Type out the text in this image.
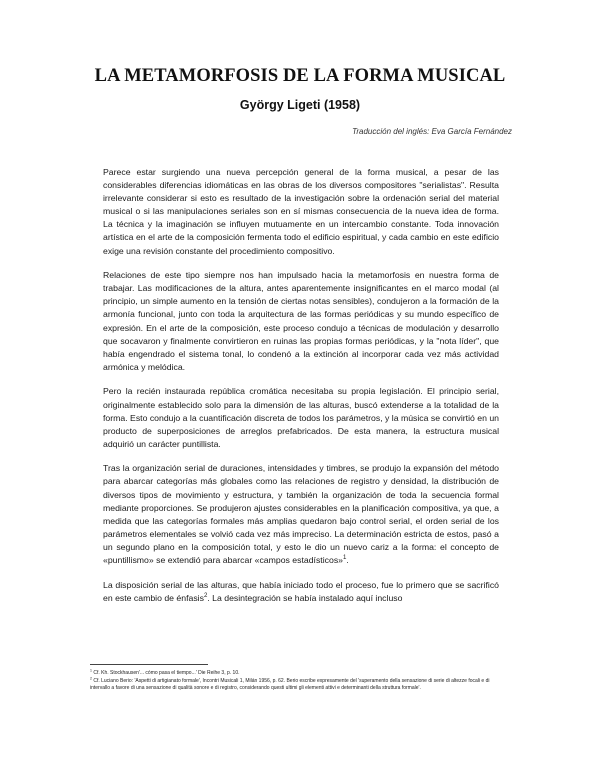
LA METAMORFOSIS DE LA FORMA MUSICAL
György Ligeti (1958)
Traducción del inglés: Eva García Fernández

Parece estar surgiendo una nueva percepción general de la forma musical, a pesar de las considerables diferencias idiomáticas en las obras de los diversos compositores "serialistas". Resulta irrelevante considerar si esto es resultado de la investigación sobre la ordenación serial del material musical o si las manipulaciones seriales son en sí mismas consecuencia de la nueva idea de forma. La técnica y la imaginación se influyen mutuamente en un intercambio constante. Toda innovación artística en el arte de la composición fermenta todo el edificio espiritual, y cada cambio en este edificio exige una revisión constante del procedimiento compositivo.

Relaciones de este tipo siempre nos han impulsado hacia la metamorfosis en nuestra forma de trabajar. Las modificaciones de la altura, antes aparentemente insignificantes en el marco modal (al principio, un simple aumento en la tensión de ciertas notas sensibles), condujeron a la formación de la armonía funcional, junto con toda la arquitectura de las formas periódicas y su mundo específico de expresión. En el arte de la composición, este proceso condujo a técnicas de modulación y desarrollo que socavaron y finalmente convirtieron en ruinas las propias formas periódicas, y la "nota líder", que había engendrado el sistema tonal, lo condenó a la extinción al incorporar cada vez más actividad armónica y melódica.

Pero la recién instaurada república cromática necesitaba su propia legislación. El principio serial, originalmente establecido solo para la dimensión de las alturas, buscó extenderse a la totalidad de la forma. Esto condujo a la cuantificación discreta de todos los parámetros, y la música se convirtió en un producto de superposiciones de arreglos prefabricados. De esta manera, la estructura musical adquirió un carácter puntillista.

Tras la organización serial de duraciones, intensidades y timbres, se produjo la expansión del método para abarcar categorías más globales como las relaciones de registro y densidad, la distribución de diversos tipos de movimiento y estructura, y también la organización de toda la secuencia formal mediante proporciones. Se produjeron ajustes considerables en la planificación compositiva, ya que, a medida que las categorías formales más amplias quedaron bajo control serial, el orden serial de los parámetros elementales se volvió cada vez más impreciso. La determinación estricta de estos, pasó a un segundo plano en la composición total, y esto le dio un nuevo cariz a la forma: el concepto de «puntillismo» se extendió para abarcar «campos estadísticos»$^1$.

La disposición serial de las alturas, que había iniciado todo el proceso, fue lo primero que se sacrificó en este cambio de énfasis$^2$. La desintegración se había instalado aquí incluso

$^1$ Cf. Kh. Stockhausen'... cómo pasa el tiempo...' Die Reihe 3, p. 10.

$^2$ Cf. Luciano Berio: 'Aspetti di artigianato formale', Incontri Musicali 1, Milán 1956, p. 62. Berio escribe expresamente del 'superamento della sensazione di serie di altezze focali e di intervallo a favore di una sensazione di qualità sonore e di registro, considerando questi ultimi gli elementi attivi e determinanti della struttura formale'.
